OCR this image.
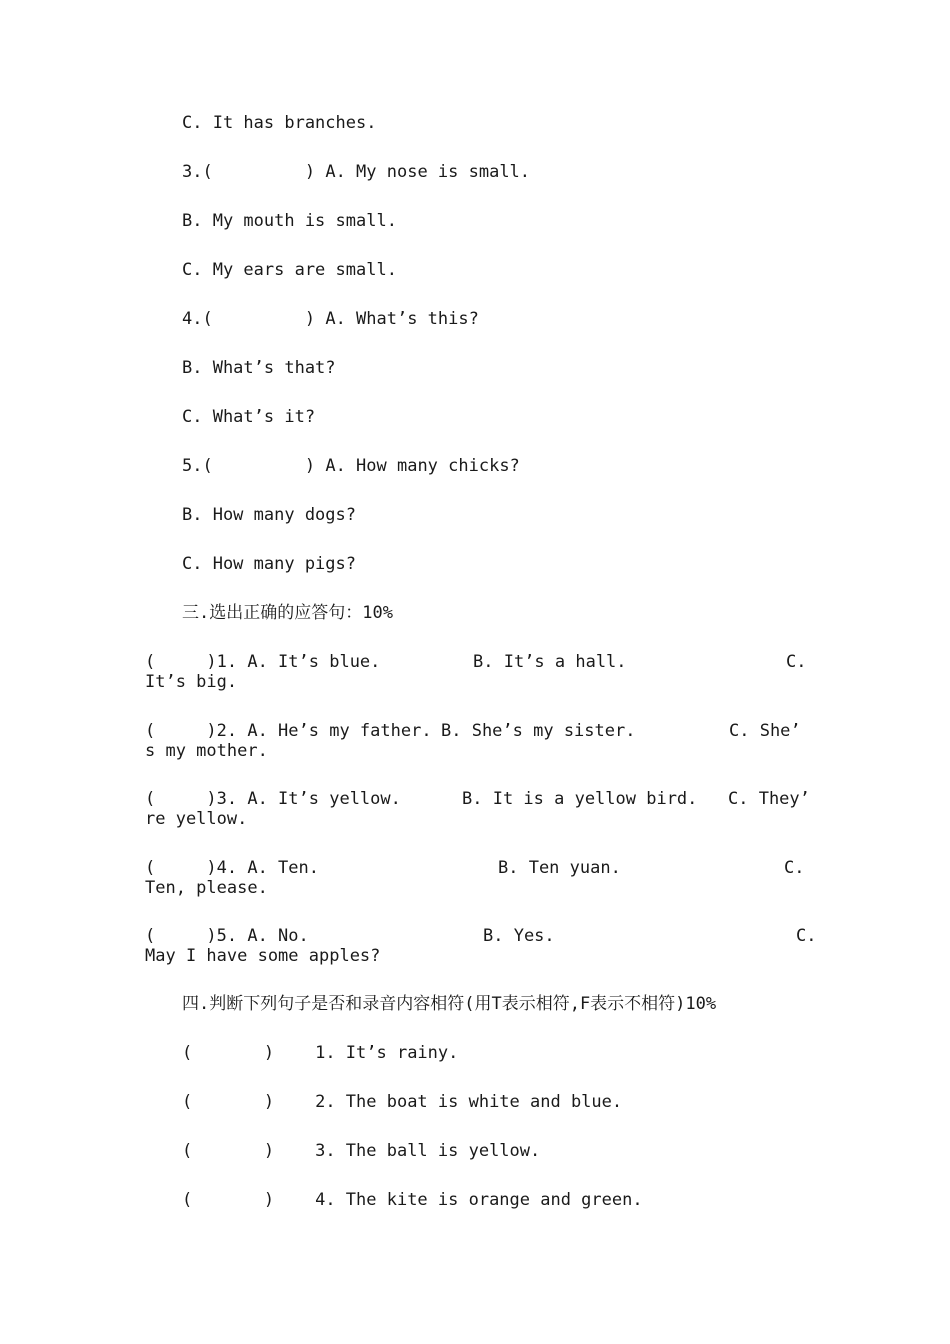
C. It has branches.

3.(         ) A. My nose is small.

B. My mouth is small.

C. My ears are small.

4.(         ) A. What’s this?

B. What’s that?

C. What’s it?

5.(         ) A. How many chicks?

B. How many dogs?

C. How many pigs?

三.选出正确的应答句：10%

(     )1. A. It’s blue.

	B. It’s a hall.

	C.

It’s big.

(     )2. A. He’s my father.

B. She’s my sister.

	C. She’

s my mother.

(     )3. A. It’s yellow.

	B. It is a yellow bird.

C. They’

re yellow.

(     )4. A. Ten.

	B. Ten yuan.

	C.

Ten, please.

(     )5. A. No.

	B. Yes.

	C.

May I have some apples?

四.判断下列句子是否和录音内容相符(用T表示相符,F表示不相符)10%

(       ) 1. It’s rainy.

(       ) 2. The boat is white and blue.

(       ) 3. The ball is yellow.

(       ) 4. The kite is orange and green.
